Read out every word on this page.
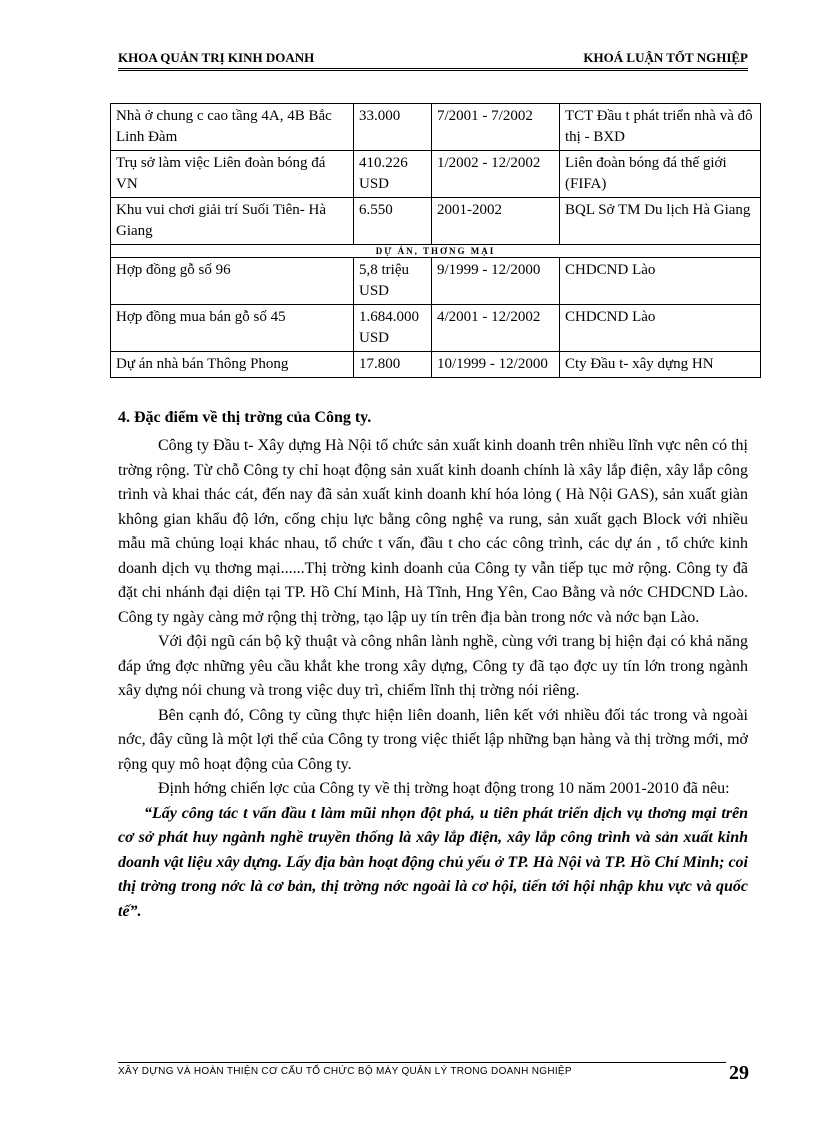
KHOA QUẢN TRỊ KINH DOANH	KHOÁ LUẬN TỐT NGHIỆP
Nhà ở chung c cao tầng 4A, 4B Bắc Linh Đàm	33.000	7/2001 - 7/2002	TCT Đầu t phát triển nhà và đô thị - BXD
Trụ sở làm việc Liên đoàn bóng đá VN	410.226 USD	1/2002 - 12/2002	Liên đoàn bóng đá thế giới (FIFA)
Khu vui chơi giải trí Suối Tiên- Hà Giang	6.550	2001-2002	BQL Sở TM Du lịch Hà Giang
DỰ ÁN, THƠNG MẠI			
Hợp đồng gỗ số 96	5,8 triệu USD	9/1999 - 12/2000	CHDCND Lào
Hợp đồng mua bán gỗ số 45	1.684.000USD	4/2001 - 12/2002	CHDCND Lào
Dự án nhà bán Thông Phong	17.800	10/1999 - 12/2000	Cty Đầu t- xây dựng HN
4. Đặc điểm về thị trờng của Công ty.

Công ty Đầu t- Xây dựng Hà Nội tổ chức sản xuất kinh doanh trên nhiều lĩnh vực nên có thị trờng rộng. Từ chỗ Công ty chỉ hoạt động sản xuất kinh doanh chính là xây lắp điện, xây lắp công trình và khai thác cát, đến nay đã sản xuất kinh doanh khí hóa lỏng ( Hà Nội GAS), sản xuất giàn không gian khẩu độ lớn, cống chịu lực bằng công nghệ va rung, sản xuất gạch Block với nhiều mẫu mã chủng loại khác nhau, tổ chức t vấn, đầu t cho các công trình, các dự án , tổ chức kinh doanh dịch vụ thơng mại......Thị trờng kinh doanh của Công ty vẫn tiếp tục mở rộng. Công ty đã đặt chi nhánh đại diện tại TP. Hồ Chí Minh, Hà Tĩnh, Hng Yên, Cao Bằng và nớc CHDCND Lào. Công ty ngày càng mở rộng thị trờng, tạo lập uy tín trên địa bàn trong nớc và nớc bạn Lào.

Với đội ngũ cán bộ kỹ thuật và công nhân lành nghề, cùng với trang bị hiện đại có khả năng đáp ứng đợc những yêu cầu khắt khe trong xây dựng, Công ty đã tạo đợc uy tín lớn trong ngành xây dựng nói chung và trong việc duy trì, chiếm lĩnh thị trờng nói riêng.

Bên cạnh đó, Công ty cũng thực hiện liên doanh, liên kết với nhiều đối tác trong và ngoài nớc, đây cũng là một lợi thế của Công ty trong việc thiết lập những bạn hàng và thị trờng mới, mở rộng quy mô hoạt động của Công ty.

Định hớng chiến lợc của Công ty về thị trờng hoạt động trong 10 năm 2001-2010 đã nêu:

“Lấy công tác t vấn đầu t làm mũi nhọn đột phá, u tiên phát triển dịch vụ thơng mại trên cơ sở phát huy ngành nghề truyền thống là xây lắp điện, xây lắp công trình và sản xuất kinh doanh vật liệu xây dựng. Lấy địa bàn hoạt động chủ yếu ở TP. Hà Nội và TP. Hồ Chí Minh; coi thị trờng trong nớc là cơ bản, thị trờng nớc ngoài là cơ hội, tiến tới hội nhập khu vực và quốc tế”.

XÂY DỰNG VÀ HOÀN THIỆN CƠ CẤU TỔ CHỨC BỘ MÁY QUẢN LÝ TRONG DOANH NGHIỆP	29
